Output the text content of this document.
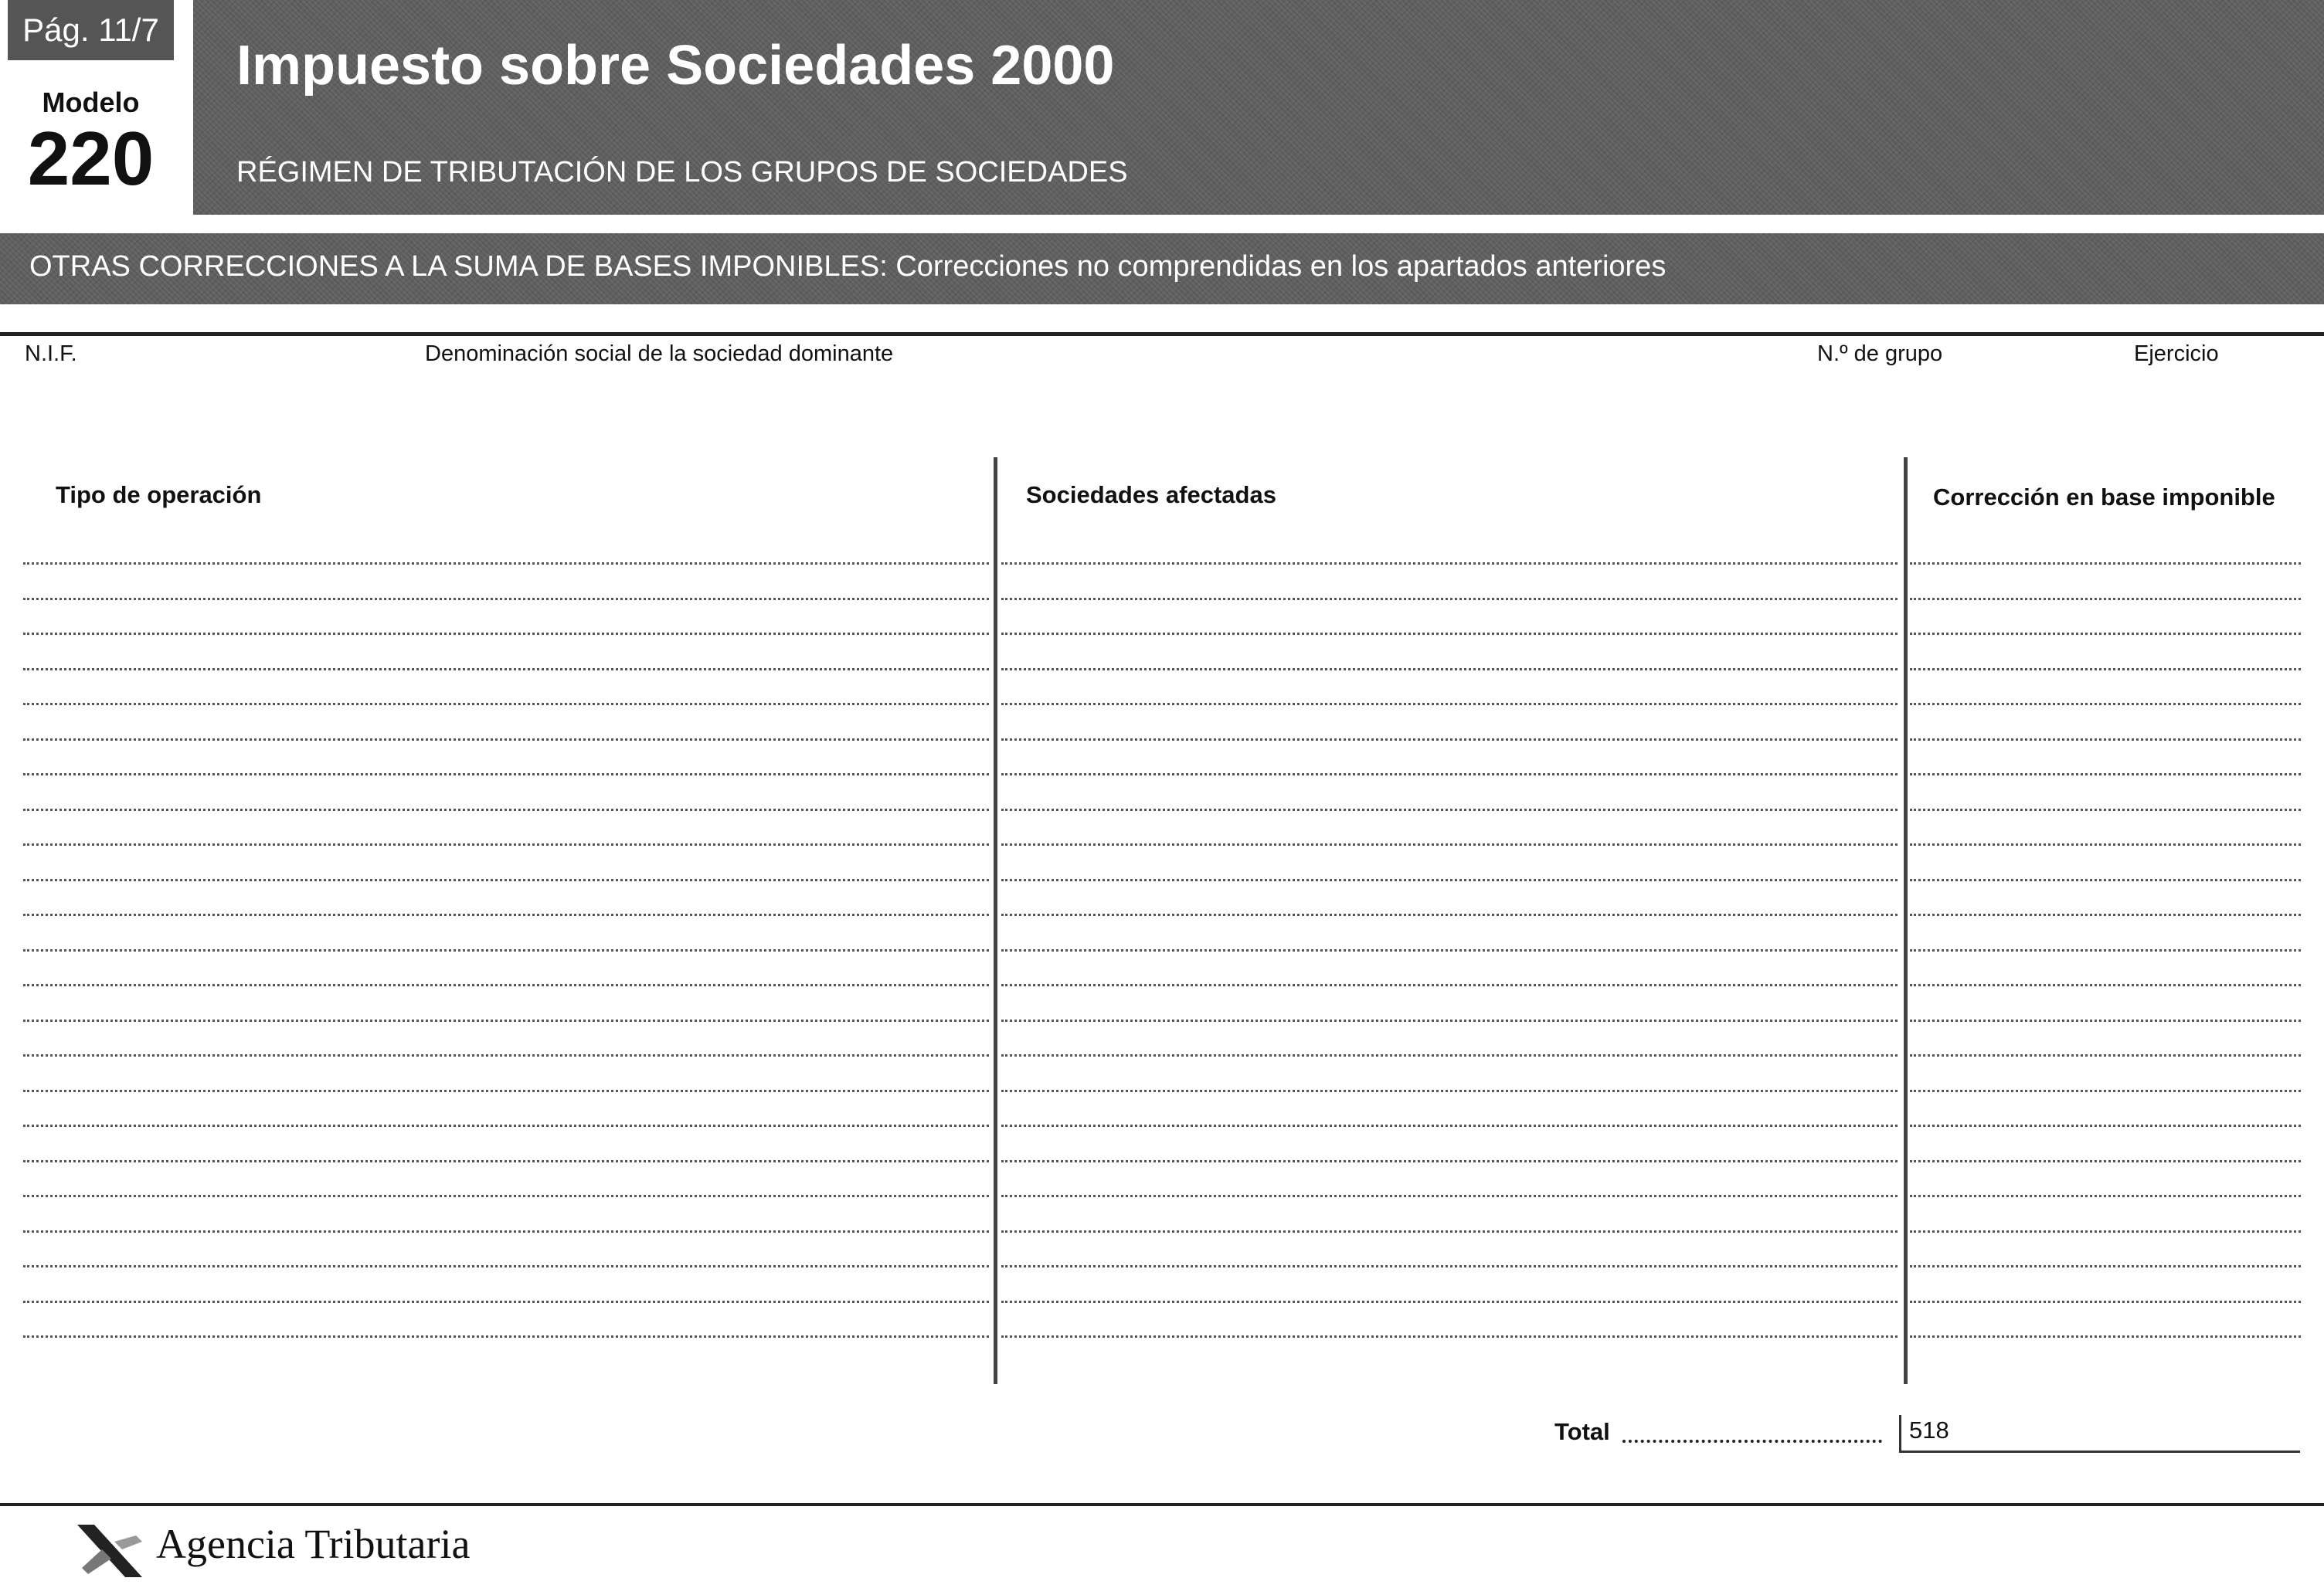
Pág. 11/7
Modelo
220
Impuesto sobre Sociedades 2000
RÉGIMEN DE TRIBUTACIÓN DE LOS GRUPOS DE SOCIEDADES
OTRAS CORRECCIONES A LA SUMA DE BASES IMPONIBLES: Correcciones no comprendidas en los apartados anteriores
N.I.F.	Denominación social de la sociedad dominante	N.º de grupo	Ejercicio
Tipo de operación	Sociedades afectadas	Corrección en base imponible
Total	518
Agencia Tributaria
